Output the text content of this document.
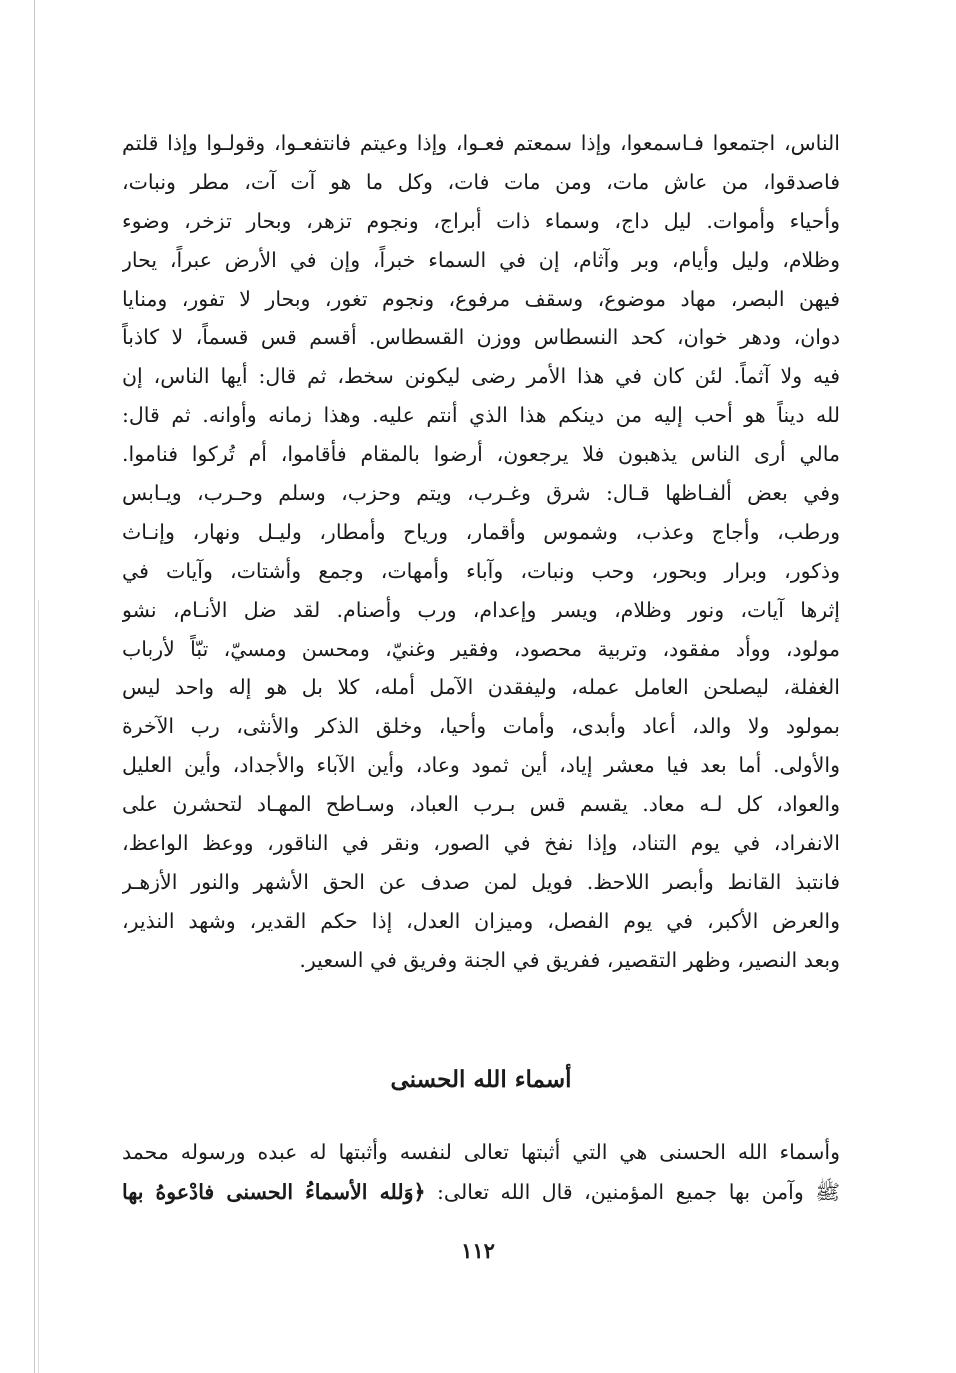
الناس، اجتمعوا فـاسمعوا، وإذا سمعتم فعـوا، وإذا وعيتم فانتفعـوا، وقولـوا وإذا قلتم
فاصدقوا، من عاش مات، ومن مات فات، وكل ما هو آت آت، مطر ونبات،
وأحياء وأموات. ليل داج، وسماء ذات أبراج، ونجوم تزهر، وبحار تزخر، وضوء
وظلام، وليل وأيام، وبر وآثام، إن في السماء خبراً، وإن في الأرض عبراً، يحار
فيهن البصر، مهاد موضوع، وسقف مرفوع، ونجوم تغور، وبحار لا تفور، ومنايا
دوان، ودهر خوان، كحد النسطاس ووزن القسطاس. أقسم قس قسماً، لا كاذباً
فيه ولا آثماً. لئن كان في هذا الأمر رضى ليكونن سخط، ثم قال: أيها الناس، إن
لله ديناً هو أحب إليه من دينكم هذا الذي أنتم عليه. وهذا زمانه وأوانه. ثم قال:
مالي أرى الناس يذهبون فلا يرجعون، أرضوا بالمقام فأقاموا، أم تُركوا فناموا.
وفي بعض ألفـاظها قـال: شرق وغـرب، ويتم وحزب، وسلم وحـرب، ويـابس
ورطب، وأجاج وعذب، وشموس وأقمار، ورياح وأمطار، وليـل ونهار، وإنـاث
وذكور، وبرار وبحور، وحب ونبات، وآباء وأمهات، وجمع وأشتات، وآيات في
إثرها آيات، ونور وظلام، ويسر وإعدام، ورب وأصنام. لقد ضل الأنـام، نشو
مولود، ووأد مفقود، وتربية محصود، وفقير وغنيّ، ومحسن ومسيّ، تبّاً لأرباب
الغفلة، ليصلحن العامل عمله، وليفقدن الآمل أمله، كلا بل هو إله واحد ليس
بمولود ولا والد، أعاد وأبدى، وأمات وأحيا، وخلق الذكر والأنثى، رب الآخرة
والأولى. أما بعد فيا معشر إياد، أين ثمود وعاد، وأين الآباء والأجداد، وأين العليل
والعواد، كل لـه معاد. يقسم قس بـرب العباد، وسـاطح المهـاد لتحشرن على
الانفراد، في يوم التناد، وإذا نفخ في الصور، ونقر في الناقور، ووعظ الواعظ،
فانتبذ القانط وأبصر اللاحظ. فويل لمن صدف عن الحق الأشهر والنور الأزهـر
والعرض الأكبر، في يوم الفصل، وميزان العدل، إذا حكم القدير، وشهد النذير،
وبعد النصير، وظهر التقصير، ففريق في الجنة وفريق في السعير.
أسماء الله الحسنى
وأسماء الله الحسنى هي التي أثبتها تعالى لنفسه وأثبتها له عبده ورسوله محمد
ﷺ وآمن بها جميع المؤمنين، قال الله تعالى: ﴿وَلله الأسماءُ الحسنى فادْعوهُ بها
١١٢
